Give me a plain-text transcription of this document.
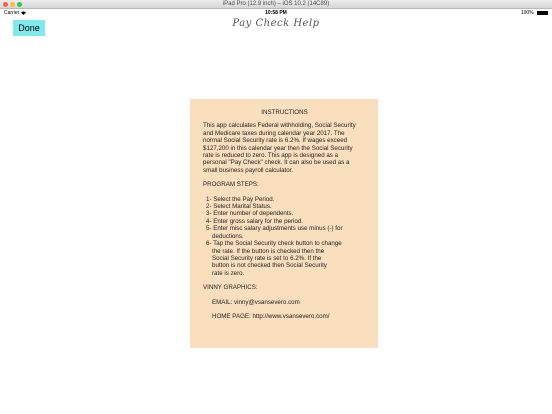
iPad Pro (12.9 inch) – iOS 10.2 (14C89)
Carrier	10:58 PM	100%
Done	Pay Check Help

INSTRUCTIONS

This app calculates Federal withholding, Social Security

and Medicare taxes during calendar year 2017. The

normal Social Security rate is 6.2%. If wages exceed

$127,200 in this calendar year then the Social Security

rate is reduced to zero. This app is designed as a

personal "Pay Check" check. It can also be used as a

small business payroll calculator.

PROGRAM STEPS:

1- Select the Pay Period.

2- Select Marital Status.

3- Enter number of dependents.

4- Enter gross salary for the period.

5- Enter misc salary adjustments use minus (-) for

deductions.

6- Tap the Social Security check button to change

the rate. If the button is checked then the

Social Security rate is set to 6.2%. If the

button is not checked then Social Security

rate is zero.

VINNY GRAPHICS:

EMAIL: vinny@vsansevero.com

HOME PAGE: http://www.vsansevero.com/
